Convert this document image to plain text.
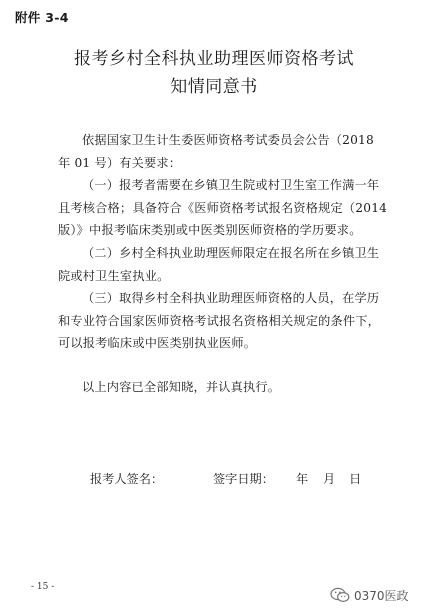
附件 3-4
报考乡村全科执业助理医师资格考试
知情同意书

依据国家卫生计生委医师资格考试委员会公告（2018
年 01 号）有关要求：

（一）报考者需要在乡镇卫生院或村卫生室工作满一年
且考核合格；具备符合《医师资格考试报名资格规定（2014
版）》中报考临床类别或中医类别医师资格的学历要求。

（二）乡村全科执业助理医师限定在报名所在乡镇卫生
院或村卫生室执业。

（三）取得乡村全科执业助理医师资格的人员，在学历
和专业符合国家医师资格考试报名资格相关规定的条件下，
可以报考临床或中医类别执业医师。

以上内容已全部知晓，并认真执行。

报考人签名：	签字日期： 年 月 日
- 15 -
0370医政
